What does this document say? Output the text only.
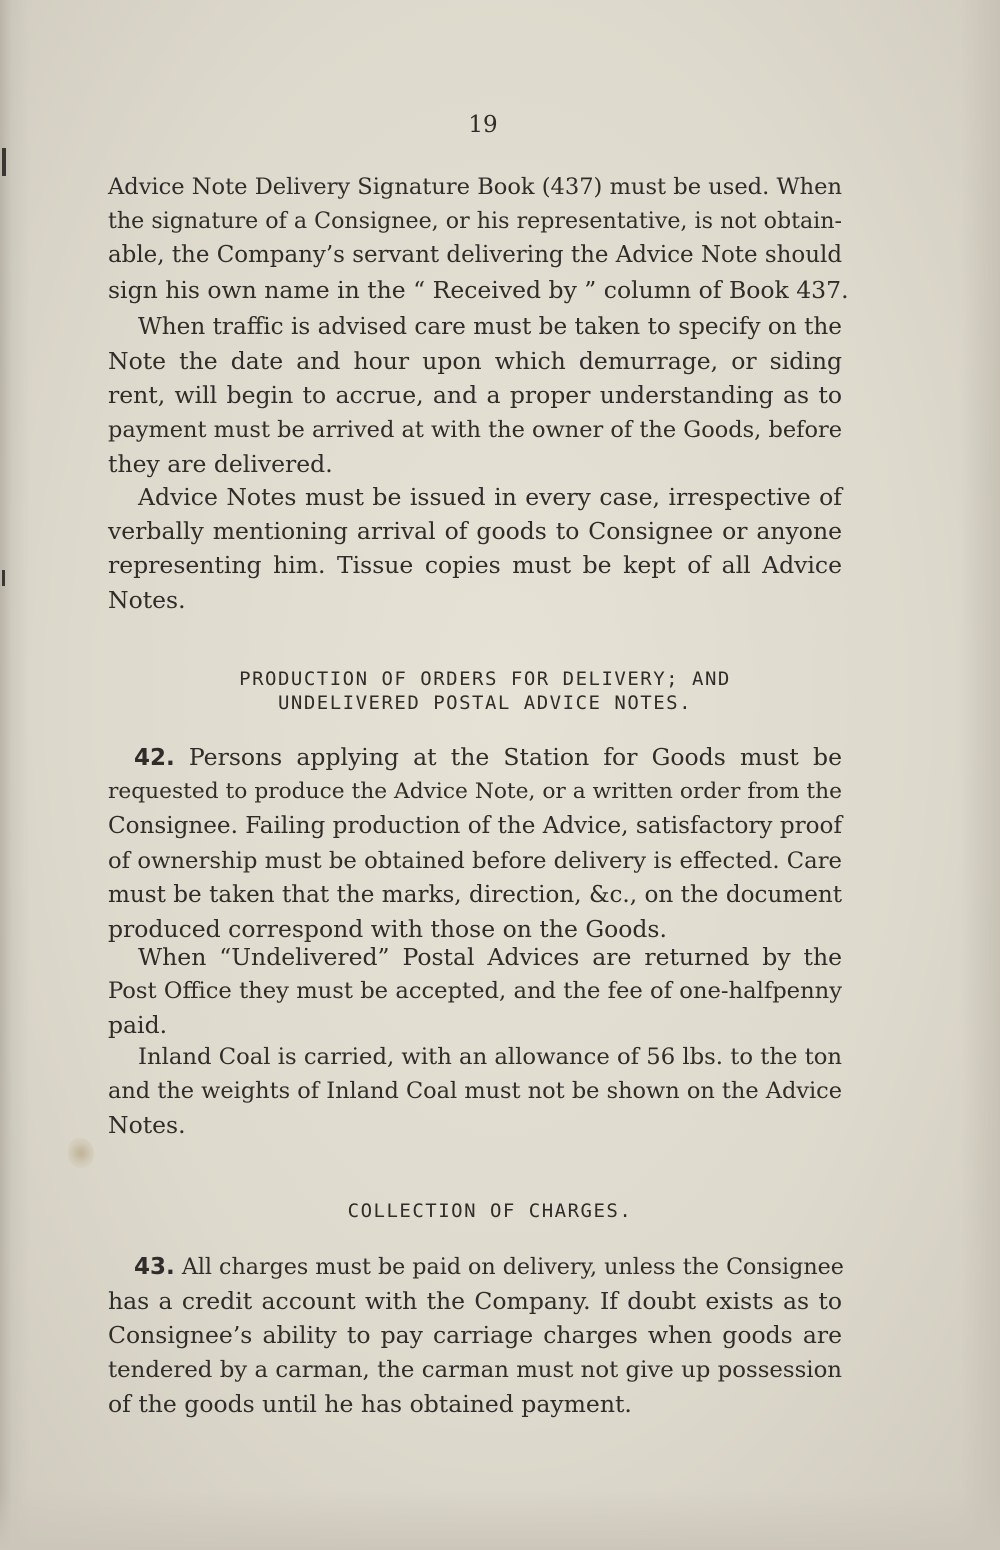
19
Advice Note Delivery Signature Book (437) must be used. When
the signature of a Consignee, or his representative, is not obtain-
able, the Company’s servant delivering the Advice Note should
sign his own name in the “ Received by ” column of Book 437.
When traffic is advised care must be taken to specify on the
Note the date and hour upon which demurrage, or siding
rent, will begin to accrue, and a proper understanding as to
payment must be arrived at with the owner of the Goods, before
they are delivered.
Advice Notes must be issued in every case, irrespective of
verbally mentioning arrival of goods to Consignee or anyone
representing him. Tissue copies must be kept of all Advice
Notes.
PRODUCTION OF ORDERS FOR DELIVERY; AND
UNDELIVERED POSTAL ADVICE NOTES.
42. Persons applying at the Station for Goods must be
requested to produce the Advice Note, or a written order from the
Consignee. Failing production of the Advice, satisfactory proof
of ownership must be obtained before delivery is effected. Care
must be taken that the marks, direction, &c., on the document
produced correspond with those on the Goods.
When “Undelivered” Postal Advices are returned by the
Post Office they must be accepted, and the fee of one-halfpenny
paid.
Inland Coal is carried, with an allowance of 56 lbs. to the ton
and the weights of Inland Coal must not be shown on the Advice
Notes.
COLLECTION OF CHARGES.
43. All charges must be paid on delivery, unless the Consignee
has a credit account with the Company. If doubt exists as to
Consignee’s ability to pay carriage charges when goods are
tendered by a carman, the carman must not give up possession
of the goods until he has obtained payment.
